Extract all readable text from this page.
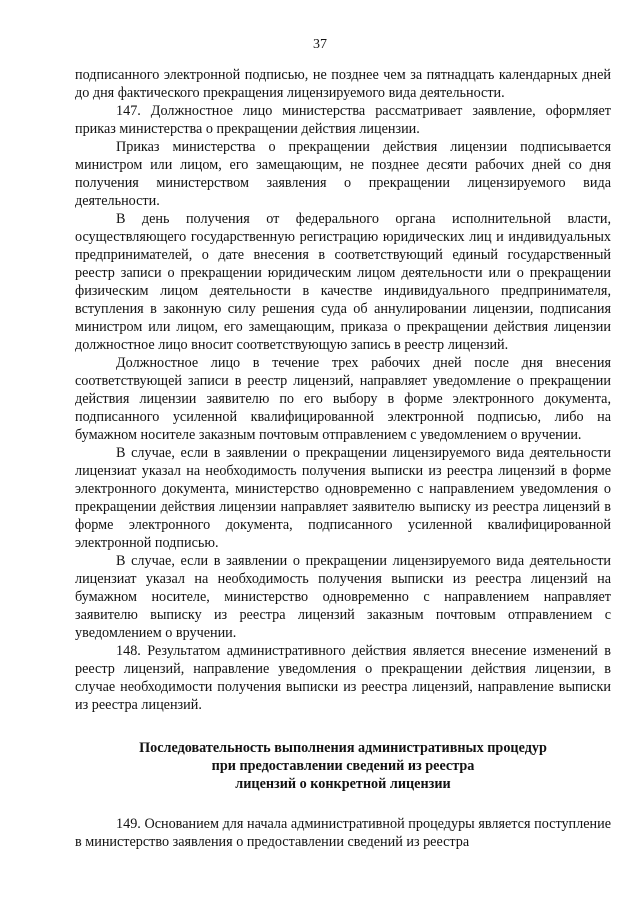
37

подписанного электронной подписью, не позднее чем за пятнадцать календарных дней до дня фактического прекращения лицензируемого вида деятельности.

147. Должностное лицо министерства рассматривает заявление, оформляет приказ министерства о прекращении действия лицензии.

Приказ министерства о прекращении действия лицензии подписывается министром или лицом, его замещающим, не позднее десяти рабочих дней со дня получения министерством заявления о прекращении лицензируемого вида деятельности.

В день получения от федерального органа исполнительной власти, осуществляющего государственную регистрацию юридических лиц и индивидуальных предпринимателей, о дате внесения в соответствующий единый государственный реестр записи о прекращении юридическим лицом деятельности или о прекращении физическим лицом деятельности в качестве индивидуального предпринимателя, вступления в законную силу решения суда об аннулировании лицензии, подписания министром или лицом, его замещающим, приказа о прекращении действия лицензии должностное лицо вносит соответствующую запись в реестр лицензий.

Должностное лицо в течение трех рабочих дней после дня внесения соответствующей записи в реестр лицензий, направляет уведомление о прекращении действия лицензии заявителю по его выбору в форме электронного документа, подписанного усиленной квалифицированной электронной подписью, либо на бумажном носителе заказным почтовым отправлением с уведомлением о вручении.

В случае, если в заявлении о прекращении лицензируемого вида деятельности лицензиат указал на необходимость получения выписки из реестра лицензий в форме электронного документа, министерство одновременно с направлением уведомления о прекращении действия лицензии направляет заявителю выписку из реестра лицензий в форме электронного документа, подписанного усиленной квалифицированной электронной подписью.

В случае, если в заявлении о прекращении лицензируемого вида деятельности лицензиат указал на необходимость получения выписки из реестра лицензий на бумажном носителе, министерство одновременно с направлением направляет заявителю выписку из реестра лицензий заказным почтовым отправлением с уведомлением о вручении.

148. Результатом административного действия является внесение изменений в реестр лицензий, направление уведомления о прекращении действия лицензии, в случае необходимости получения выписки из реестра лицензий, направление выписки из реестра лицензий.

Последовательность выполнения административных процедур
при предоставлении сведений из реестра
лицензий о конкретной лицензии

149. Основанием для начала административной процедуры является поступление в министерство заявления о предоставлении сведений из реестра
